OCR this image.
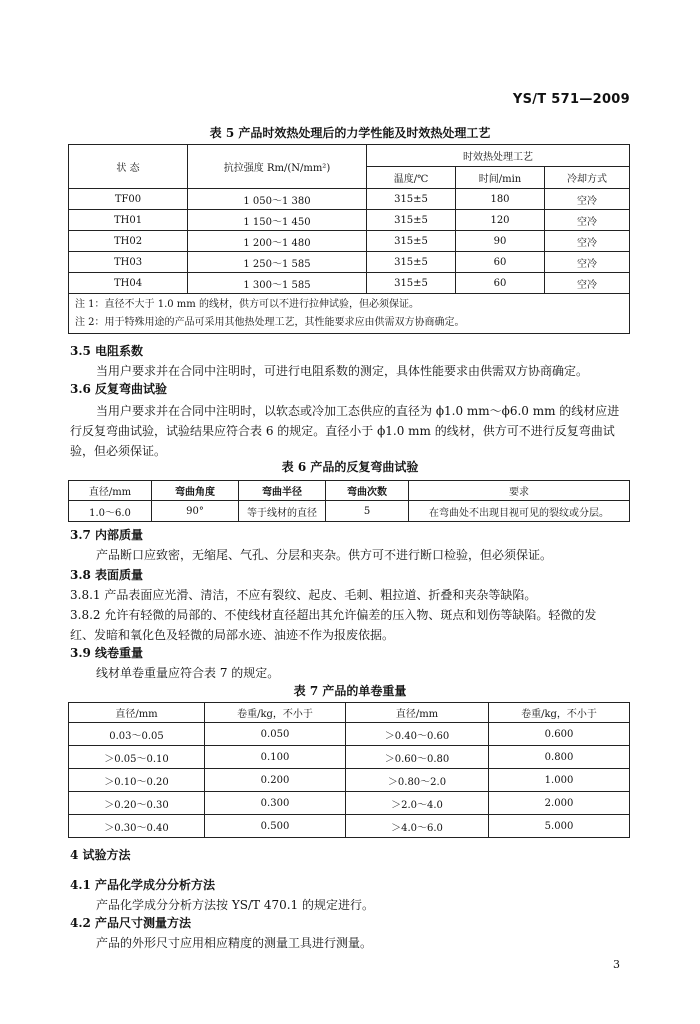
YS/T 571—2009
表 5 产品时效热处理后的力学性能及时效热处理工艺
状 态	抗拉强度 Rm/(N/mm²)	时效热处理工艺		
		温度/℃	时间/min	冷却方式
TF00	1 050～1 380	315±5	180	空冷
TH01	1 150～1 450	315±5	120	空冷
TH02	1 200～1 480	315±5	90	空冷
TH03	1 250～1 585	315±5	60	空冷
TH04	1 300～1 585	315±5	60	空冷

注 1：直径不大于 1.0 mm 的线材，供方可以不进行拉伸试验，但必须保证。
注 2：用于特殊用途的产品可采用其他热处理工艺，其性能要求应由供需双方协商确定。				
3.5 电阻系数
当用户要求并在合同中注明时，可进行电阻系数的测定，具体性能要求由供需双方协商确定。
3.6 反复弯曲试验
当用户要求并在合同中注明时，以软态或冷加工态供应的直径为 ϕ1.0 mm～ϕ6.0 mm 的线材应进
行反复弯曲试验，试验结果应符合表 6 的规定。直径小于 ϕ1.0 mm 的线材，供方可不进行反复弯曲试
验，但必须保证。
表 6 产品的反复弯曲试验
直径/mm	弯曲角度	弯曲半径	弯曲次数	要求
1.0～6.0	90°	等于线材的直径	5	在弯曲处不出现目视可见的裂纹或分层。
3.7 内部质量
产品断口应致密，无缩尾、气孔、分层和夹杂。供方可不进行断口检验，但必须保证。
3.8 表面质量
3.8.1 产品表面应光滑、清洁，不应有裂纹、起皮、毛刺、粗拉道、折叠和夹杂等缺陷。
3.8.2 允许有轻微的局部的、不使线材直径超出其允许偏差的压入物、斑点和划伤等缺陷。轻微的发
红、发暗和氧化色及轻微的局部水迹、油迹不作为报废依据。
3.9 线卷重量
线材单卷重量应符合表 7 的规定。
表 7 产品的单卷重量
直径/mm	卷重/kg，不小于	直径/mm	卷重/kg，不小于
0.03～0.05	0.050	＞0.40～0.60	0.600
＞0.05～0.10	0.100	＞0.60～0.80	0.800
＞0.10～0.20	0.200	＞0.80～2.0	1.000
＞0.20～0.30	0.300	＞2.0～4.0	2.000
＞0.30～0.40	0.500	＞4.0～6.0	5.000
4 试验方法
4.1 产品化学成分分析方法
产品化学成分分析方法按 YS/T 470.1 的规定进行。
4.2 产品尺寸测量方法
产品的外形尺寸应用相应精度的测量工具进行测量。
3
